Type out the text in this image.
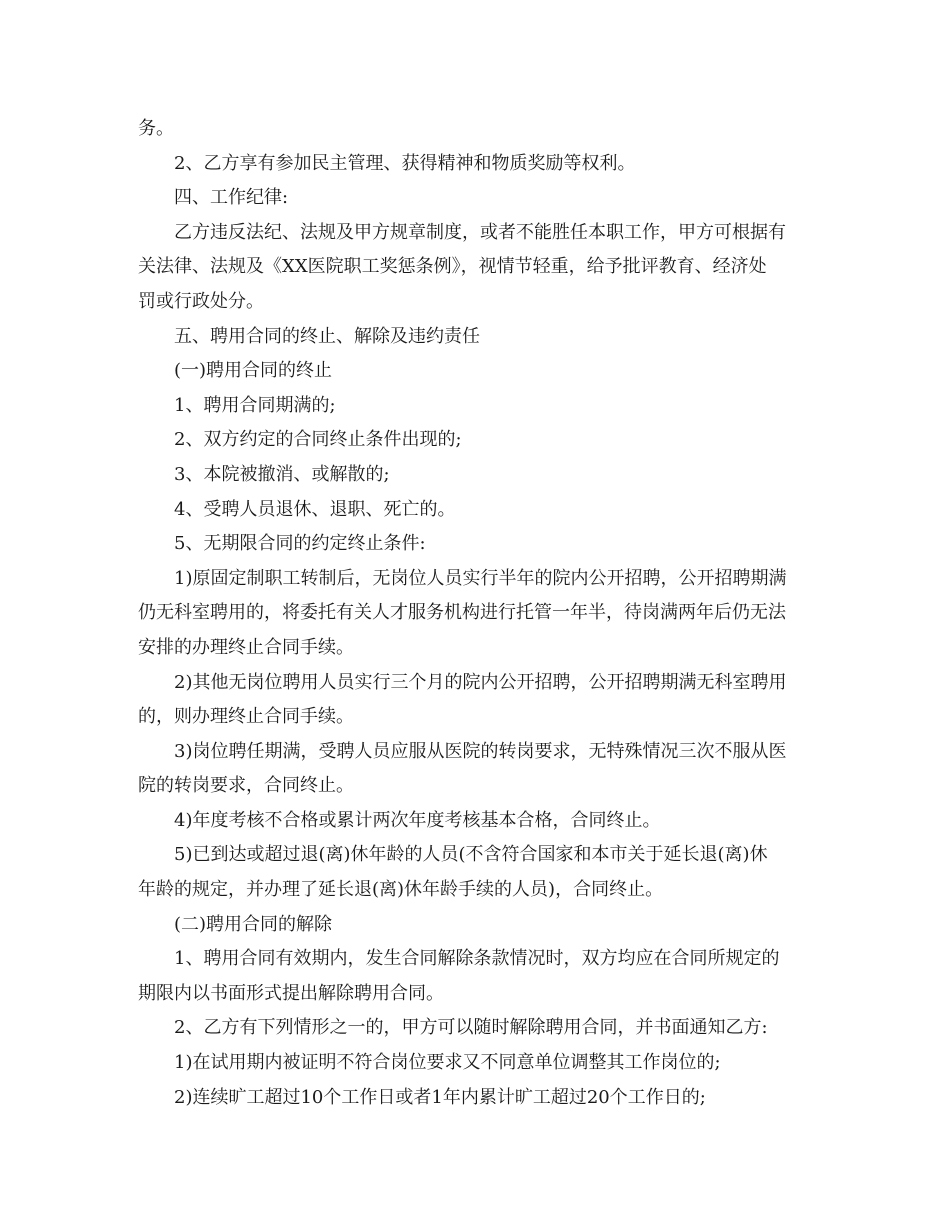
务。

2、乙方享有参加民主管理、获得精神和物质奖励等权利。

四、工作纪律:

乙方违反法纪、法规及甲方规章制度，或者不能胜任本职工作，甲方可根据有

关法律、法规及《XX医院职工奖惩条例》，视情节轻重，给予批评教育、经济处

罚或行政处分。

五、聘用合同的终止、解除及违约责任

(一)聘用合同的终止

1、聘用合同期满的;

2、双方约定的合同终止条件出现的;

3、本院被撤消、或解散的;

4、受聘人员退休、退职、死亡的。

5、无期限合同的约定终止条件:

1)原固定制职工转制后，无岗位人员实行半年的院内公开招聘，公开招聘期满

仍无科室聘用的，将委托有关人才服务机构进行托管一年半，待岗满两年后仍无法

安排的办理终止合同手续。

2)其他无岗位聘用人员实行三个月的院内公开招聘，公开招聘期满无科室聘用

的，则办理终止合同手续。

3)岗位聘任期满，受聘人员应服从医院的转岗要求，无特殊情况三次不服从医

院的转岗要求，合同终止。

4)年度考核不合格或累计两次年度考核基本合格，合同终止。

5)已到达或超过退(离)休年龄的人员(不含符合国家和本市关于延长退(离)休

年龄的规定，并办理了延长退(离)休年龄手续的人员)，合同终止。

(二)聘用合同的解除

1、聘用合同有效期内，发生合同解除条款情况时，双方均应在合同所规定的

期限内以书面形式提出解除聘用合同。

2、乙方有下列情形之一的，甲方可以随时解除聘用合同，并书面通知乙方:

1)在试用期内被证明不符合岗位要求又不同意单位调整其工作岗位的;

2)连续旷工超过10个工作日或者1年内累计旷工超过20个工作日的;
